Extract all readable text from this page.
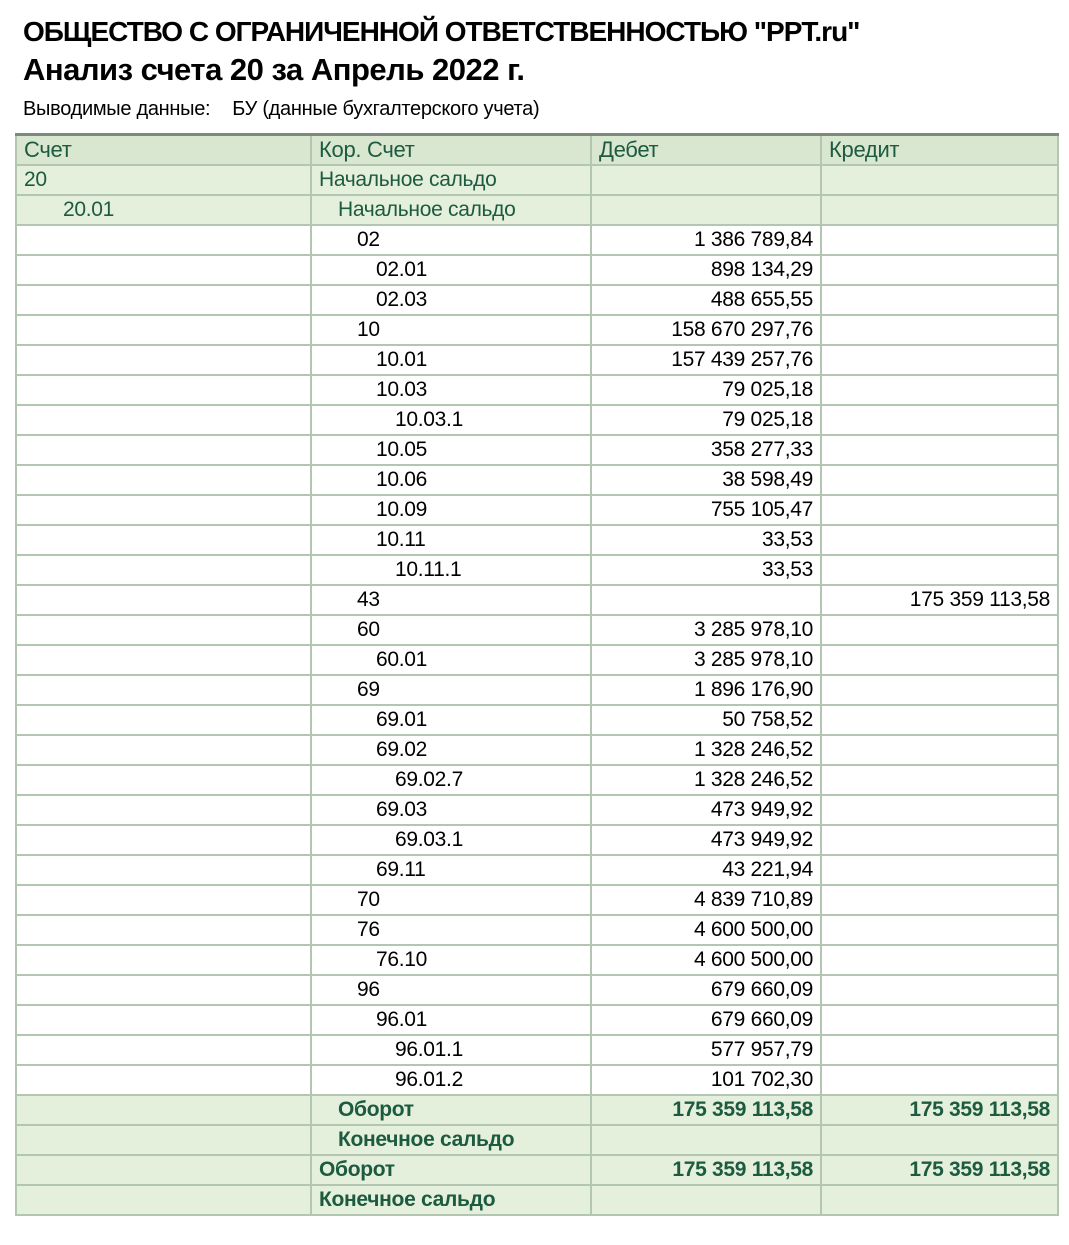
ОБЩЕСТВО С ОГРАНИЧЕННОЙ ОТВЕТСТВЕННОСТЬЮ "PPT.ru"
Анализ счета 20 за Апрель 2022 г.
Выводимые данные: БУ (данные бухгалтерского учета)
Счет	Кор. Счет	Дебет	Кредит
20	Начальное сальдо		
20.01	Начальное сальдо		
	02	1 386 789,84	
	02.01	898 134,29	
	02.03	488 655,55	
	10	158 670 297,76	
	10.01	157 439 257,76	
	10.03	79 025,18	
	10.03.1	79 025,18	
	10.05	358 277,33	
	10.06	38 598,49	
	10.09	755 105,47	
	10.11	33,53	
	10.11.1	33,53	
	43		175 359 113,58
	60	3 285 978,10	
	60.01	3 285 978,10	
	69	1 896 176,90	
	69.01	50 758,52	
	69.02	1 328 246,52	
	69.02.7	1 328 246,52	
	69.03	473 949,92	
	69.03.1	473 949,92	
	69.11	43 221,94	
	70	4 839 710,89	
	76	4 600 500,00	
	76.10	4 600 500,00	
	96	679 660,09	
	96.01	679 660,09	
	96.01.1	577 957,79	
	96.01.2	101 702,30	
	Оборот	175 359 113,58	175 359 113,58
	Конечное сальдо		
	Оборот	175 359 113,58	175 359 113,58
	Конечное сальдо		
